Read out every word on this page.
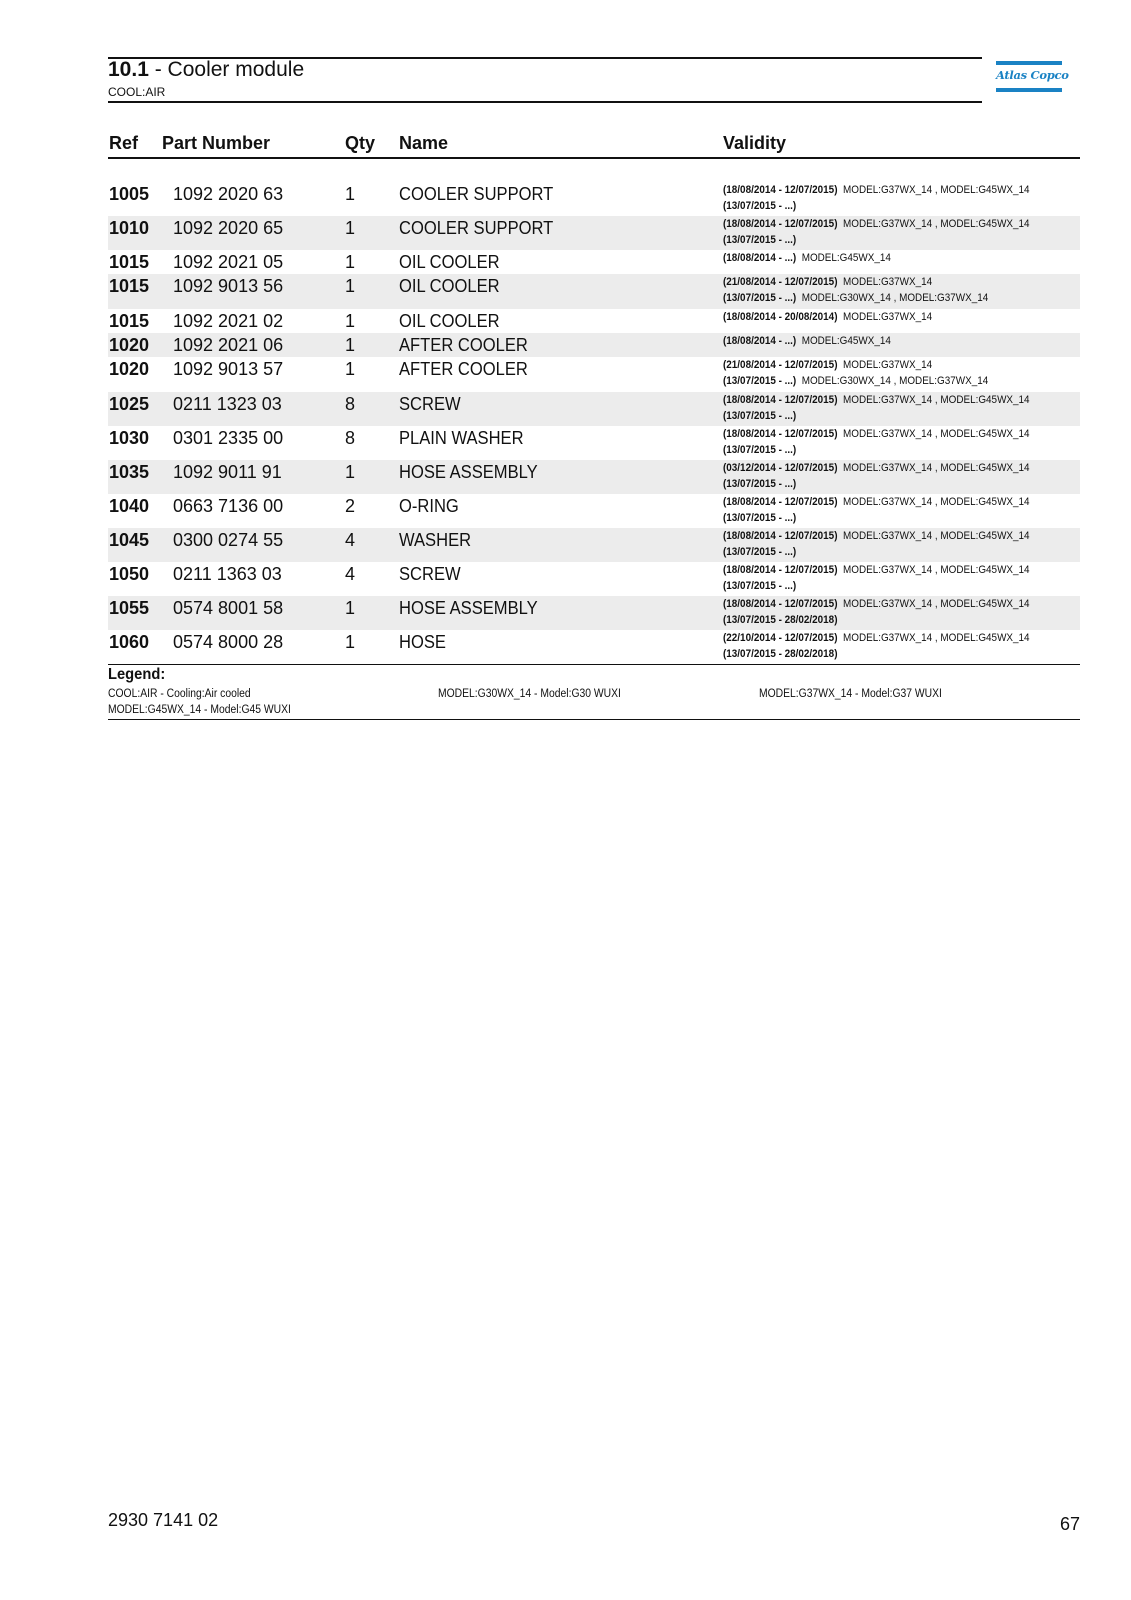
10.1 - Cooler module
COOL:AIR
Atlas Copco
Ref Part Number	Qty Name	Validity
1005 1092 2020 63	1 COOLER SUPPORT	(18/08/2014 - 12/07/2015) MODEL:G37WX_14 , MODEL:G45WX_14
(13/07/2015 - ...)
1010 1092 2020 65	1 COOLER SUPPORT	(18/08/2014 - 12/07/2015) MODEL:G37WX_14 , MODEL:G45WX_14
(13/07/2015 - ...)
1015 1092 2021 05	1 OIL COOLER	(18/08/2014 - ...) MODEL:G45WX_14
1015 1092 9013 56	1 OIL COOLER	(21/08/2014 - 12/07/2015) MODEL:G37WX_14
(13/07/2015 - ...) MODEL:G30WX_14 , MODEL:G37WX_14
1015 1092 2021 02	1 OIL COOLER	(18/08/2014 - 20/08/2014) MODEL:G37WX_14
1020 1092 2021 06	1 AFTER COOLER	(18/08/2014 - ...) MODEL:G45WX_14
1020 1092 9013 57	1 AFTER COOLER	(21/08/2014 - 12/07/2015) MODEL:G37WX_14
(13/07/2015 - ...) MODEL:G30WX_14 , MODEL:G37WX_14
1025 0211 1323 03	8 SCREW	(18/08/2014 - 12/07/2015) MODEL:G37WX_14 , MODEL:G45WX_14
(13/07/2015 - ...)
1030 0301 2335 00	8 PLAIN WASHER	(18/08/2014 - 12/07/2015) MODEL:G37WX_14 , MODEL:G45WX_14
(13/07/2015 - ...)
1035 1092 9011 91	1 HOSE ASSEMBLY	(03/12/2014 - 12/07/2015) MODEL:G37WX_14 , MODEL:G45WX_14
(13/07/2015 - ...)
1040 0663 7136 00	2 O-RING	(18/08/2014 - 12/07/2015) MODEL:G37WX_14 , MODEL:G45WX_14
(13/07/2015 - ...)
1045 0300 0274 55	4 WASHER	(18/08/2014 - 12/07/2015) MODEL:G37WX_14 , MODEL:G45WX_14
(13/07/2015 - ...)
1050 0211 1363 03	4 SCREW	(18/08/2014 - 12/07/2015) MODEL:G37WX_14 , MODEL:G45WX_14
(13/07/2015 - ...)
1055 0574 8001 58	1 HOSE ASSEMBLY	(18/08/2014 - 12/07/2015) MODEL:G37WX_14 , MODEL:G45WX_14
(13/07/2015 - 28/02/2018)
1060 0574 8000 28	1 HOSE	(22/10/2014 - 12/07/2015) MODEL:G37WX_14 , MODEL:G45WX_14
(13/07/2015 - 28/02/2018)
Legend:
COOL:AIR - Cooling:Air cooled	MODEL:G30WX_14 - Model:G30 WUXI	MODEL:G37WX_14 - Model:G37 WUXI
MODEL:G45WX_14 - Model:G45 WUXI
2930 7141 02	67
